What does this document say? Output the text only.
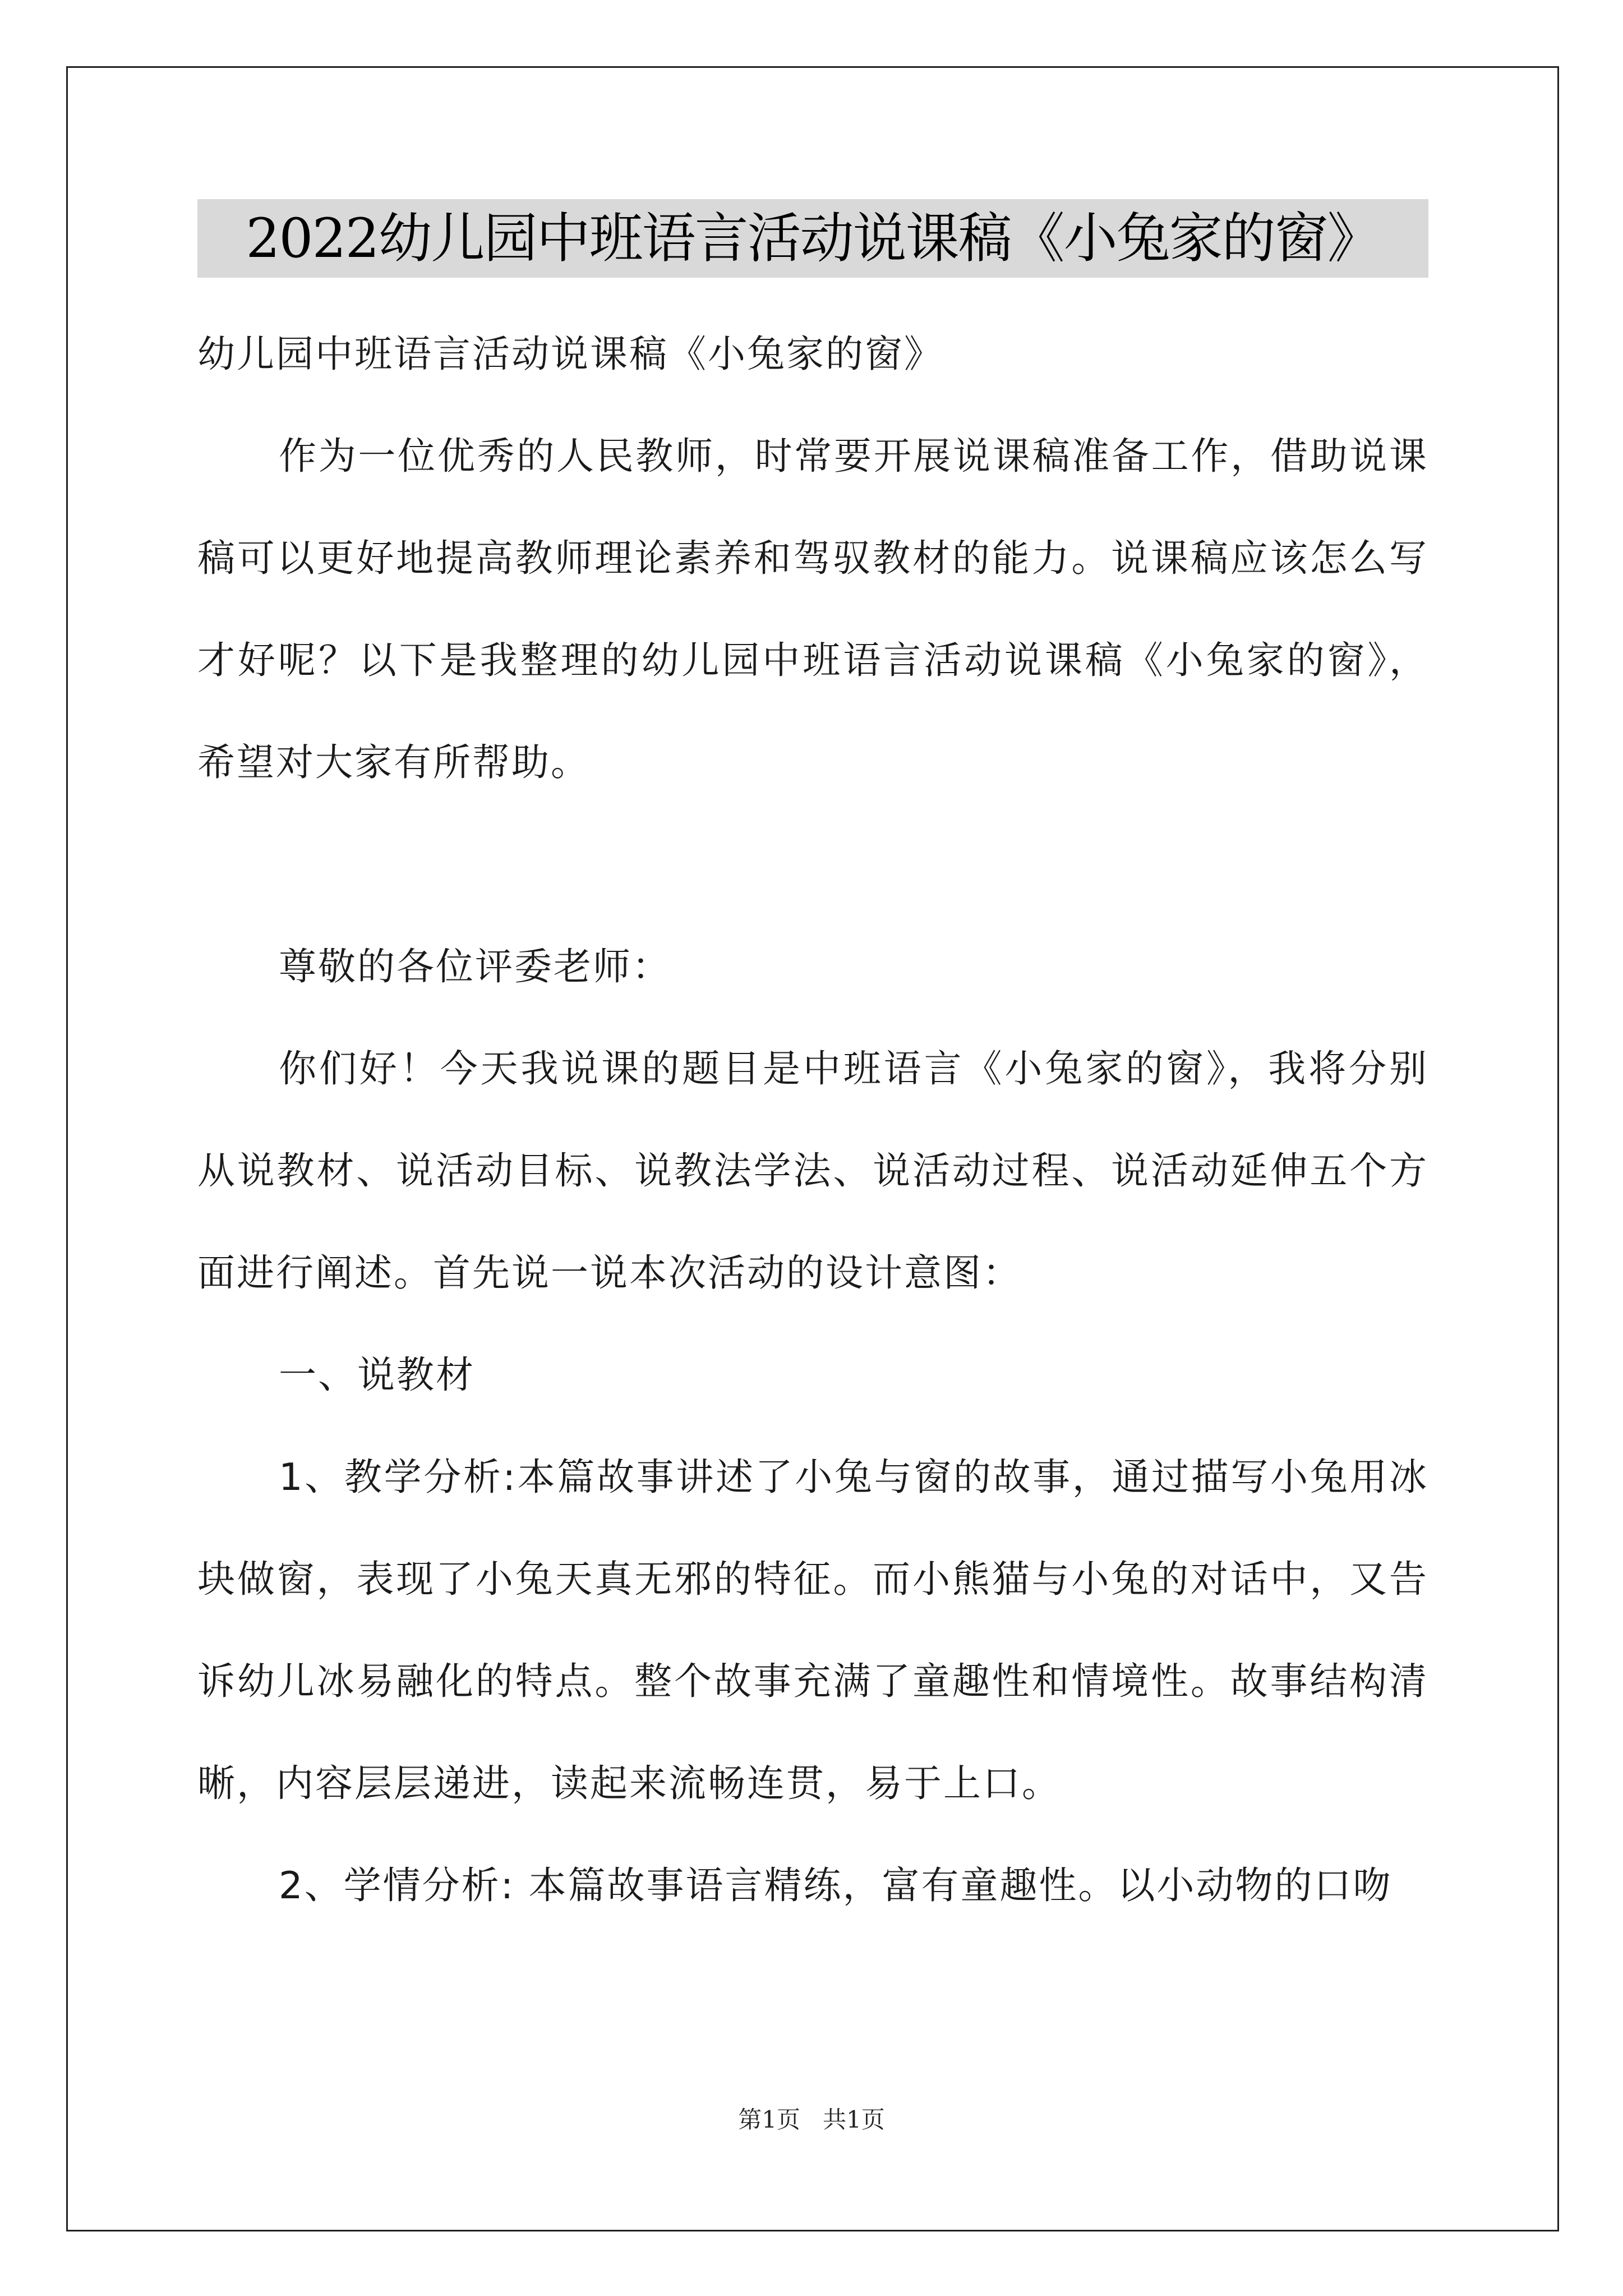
2022幼儿园中班语言活动说课稿《小兔家的窗》

幼儿园中班语言活动说课稿《小兔家的窗》

作为一位优秀的人民教师，时常要开展说课稿准备工作，借助说课稿可以更好地提高教师理论素养和驾驭教材的能力。说课稿应该怎么写才好呢？以下是我整理的幼儿园中班语言活动说课稿《小兔家的窗》，希望对大家有所帮助。

尊敬的各位评委老师：

你们好！今天我说课的题目是中班语言《小兔家的窗》，我将分别从说教材、说活动目标、说教法学法、说活动过程、说活动延伸五个方面进行阐述。首先说一说本次活动的设计意图：

一、说教材

1、教学分析:本篇故事讲述了小兔与窗的故事，通过描写小兔用冰块做窗，表现了小兔天真无邪的特征。而小熊猫与小兔的对话中，又告诉幼儿冰易融化的特点。整个故事充满了童趣性和情境性。故事结构清晰，内容层层递进，读起来流畅连贯，易于上口。

2、学情分析: 本篇故事语言精练，富有童趣性。以小动物的口吻

第1页 共1页
